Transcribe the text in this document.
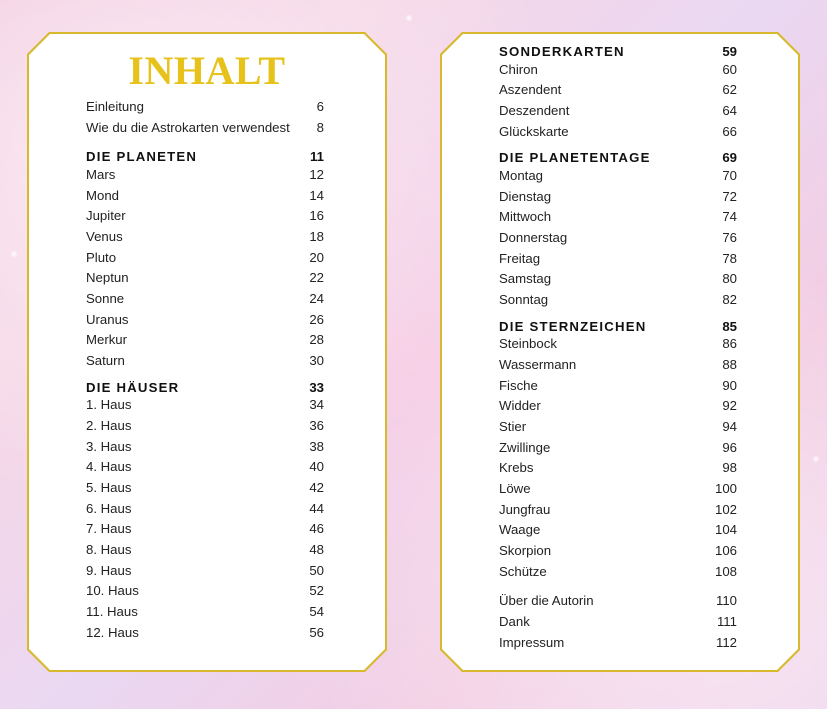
INHALT
Einleitung	6
Wie du die Astrokarten verwendest 8
DIE PLANETEN	11
Mars	12
Mond	14
Jupiter	16
Venus	18
Pluto	20
Neptun	22
Sonne	24
Uranus	26
Merkur	28
Saturn	30
DIE HÄUSER	33
1. Haus	34
2. Haus	36
3. Haus	38
4. Haus	40
5. Haus	42
6. Haus	44
7. Haus	46
8. Haus	48
9. Haus	50
10. Haus	52
11. Haus	54
12. Haus	56
SONDERKARTEN	59
Chiron	60
Aszendent	62
Deszendent	64
Glückskarte	66
DIE PLANETENTAGE	69
Montag	70
Dienstag	72
Mittwoch	74
Donnerstag	76
Freitag	78
Samstag	80
Sonntag	82
DIE STERNZEICHEN	85
Steinbock	86
Wassermann	88
Fische	90
Widder	92
Stier	94
Zwillinge	96
Krebs	98
Löwe	100
Jungfrau	102
Waage	104
Skorpion	106
Schütze	108
Über die Autorin	110
Dank	111
Impressum	112
